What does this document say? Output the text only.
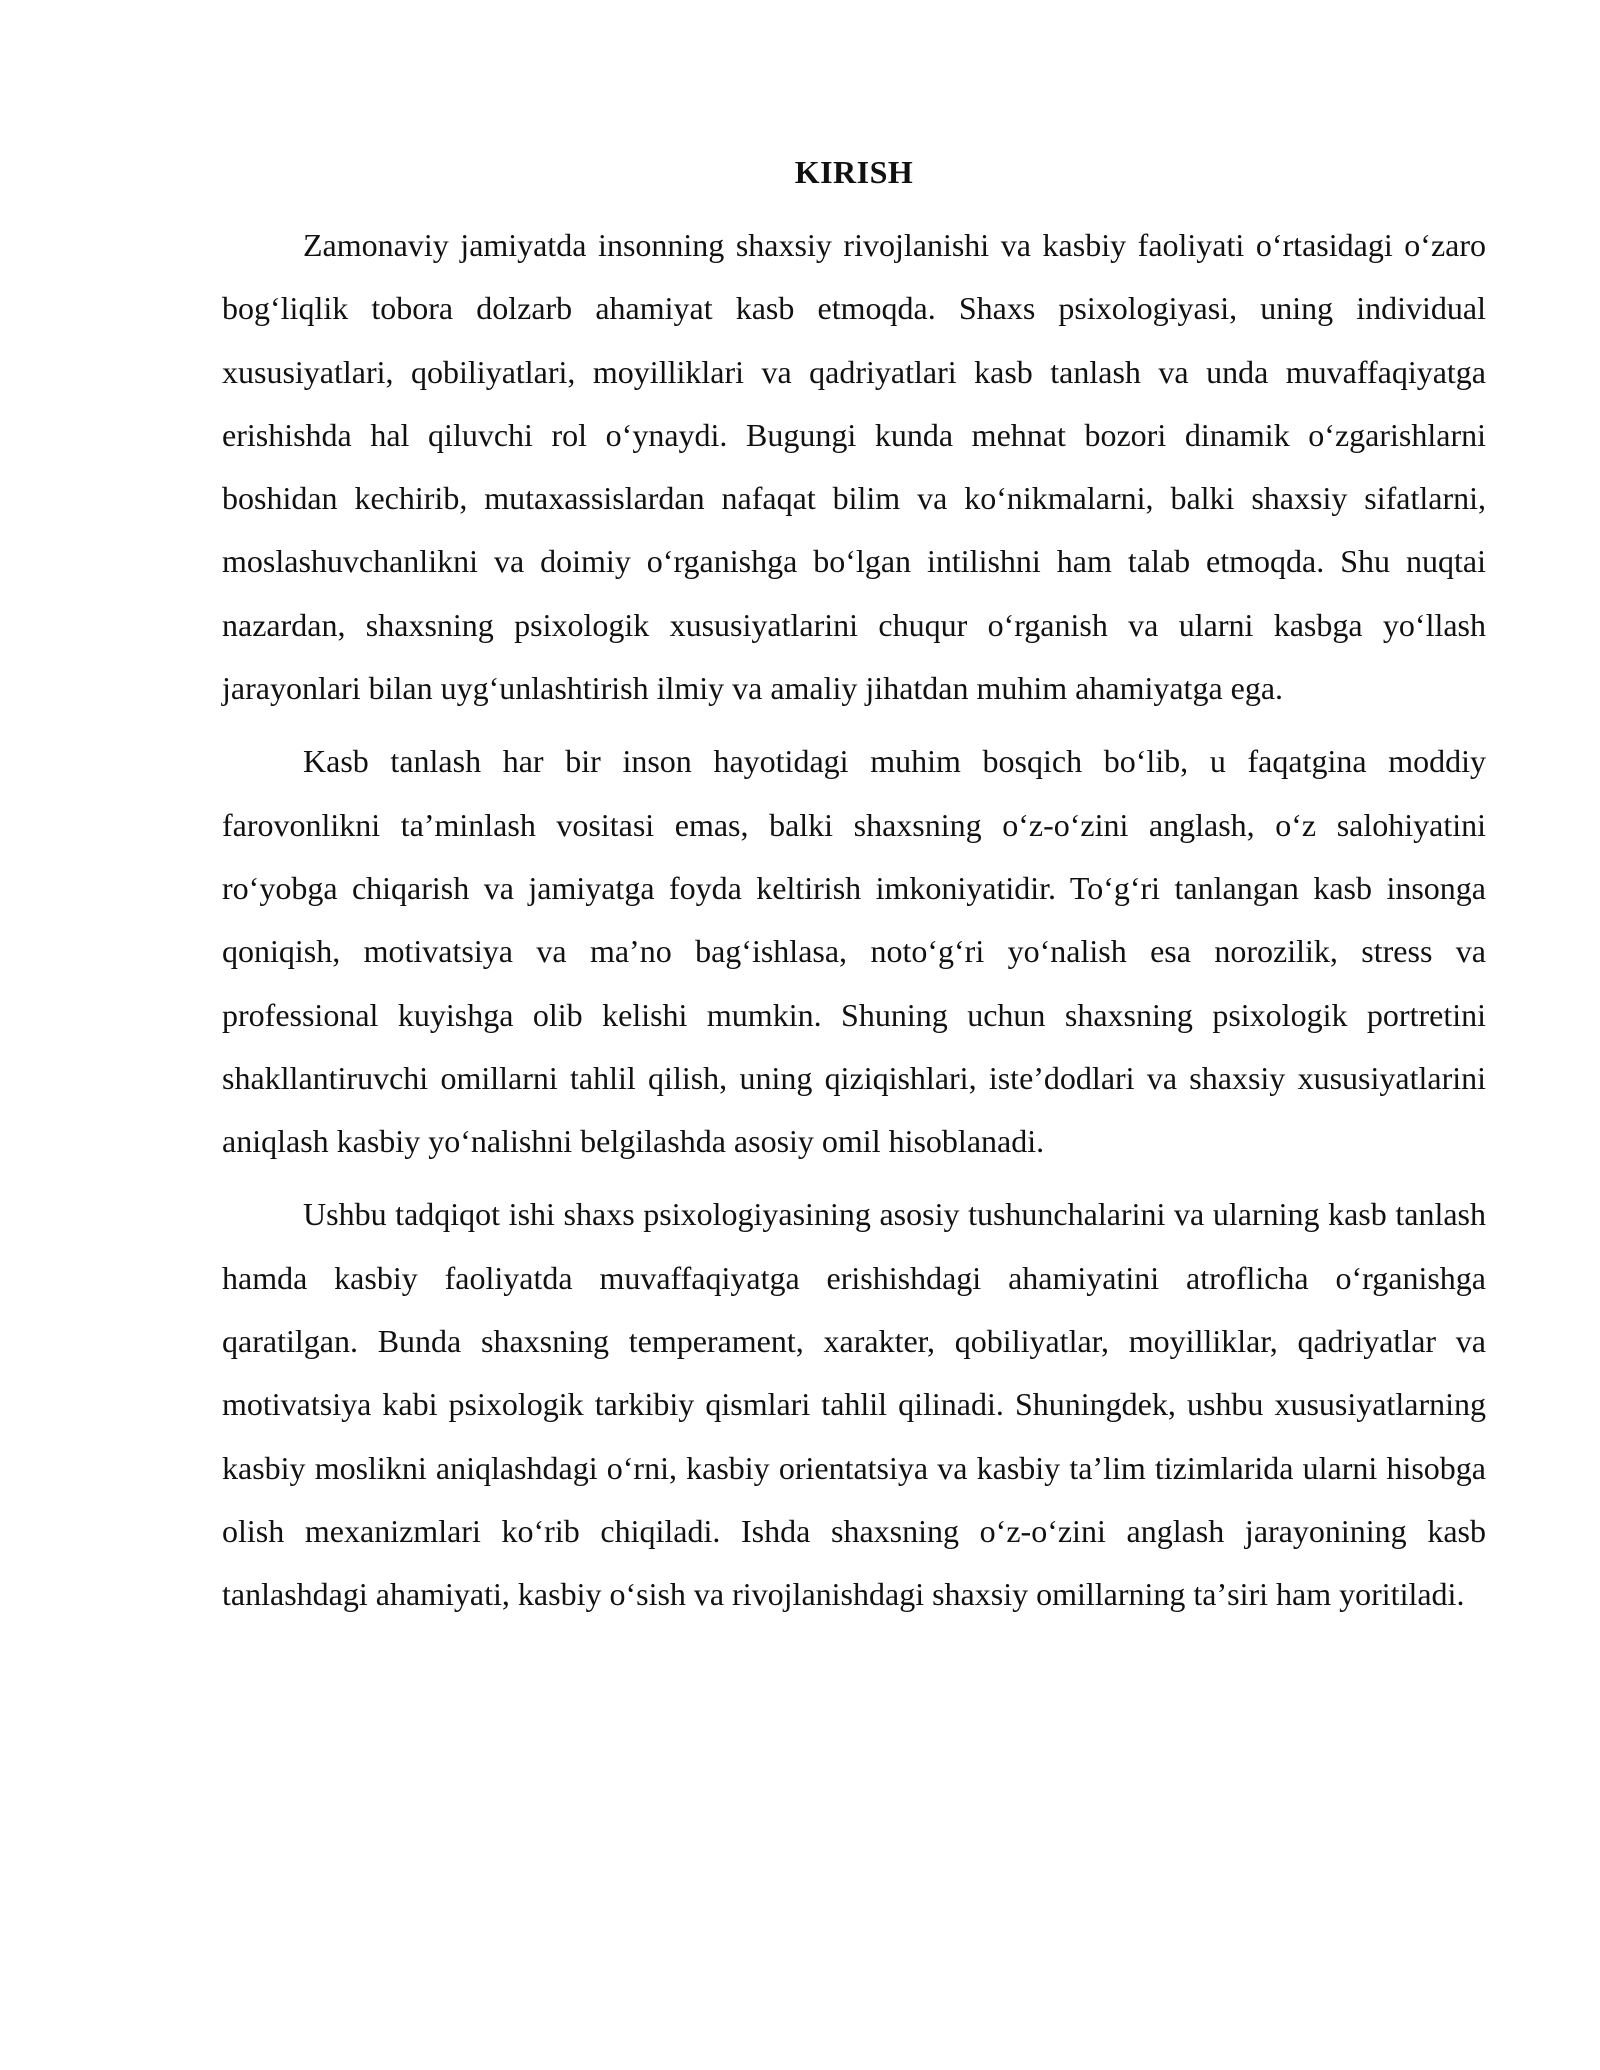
KIRISH

Zamonaviy jamiyatda insonning shaxsiy rivojlanishi va kasbiy faoliyati oʻrtasidagi oʻzaro bogʻliqlik tobora dolzarb ahamiyat kasb etmoqda. Shaxs psixologiyasi, uning individual xususiyatlari, qobiliyatlari, moyilliklari va qadriyatlari kasb tanlash va unda muvaffaqiyatga erishishda hal qiluvchi rol oʻynaydi. Bugungi kunda mehnat bozori dinamik oʻzgarishlarni boshidan kechirib, mutaxassislardan nafaqat bilim va koʻnikmalarni, balki shaxsiy sifatlarni, moslashuvchanlikni va doimiy oʻrganishga boʻlgan intilishni ham talab etmoqda. Shu nuqtai nazardan, shaxsning psixologik xususiyatlarini chuqur oʻrganish va ularni kasbga yoʻllash jarayonlari bilan uygʻunlashtirish ilmiy va amaliy jihatdan muhim ahamiyatga ega.

Kasb tanlash har bir inson hayotidagi muhim bosqich boʻlib, u faqatgina moddiy farovonlikni taʼminlash vositasi emas, balki shaxsning oʻz-oʻzini anglash, oʻz salohiyatini roʻyobga chiqarish va jamiyatga foyda keltirish imkoniyatidir. Toʻgʻri tanlangan kasb insonga qoniqish, motivatsiya va maʼno bagʻishlasa, notoʻgʻri yoʻnalish esa norozilik, stress va professional kuyishga olib kelishi mumkin. Shuning uchun shaxsning psixologik portretini shakllantiruvchi omillarni tahlil qilish, uning qiziqishlari, isteʼdodlari va shaxsiy xususiyatlarini aniqlash kasbiy yoʻnalishni belgilashda asosiy omil hisoblanadi.

Ushbu tadqiqot ishi shaxs psixologiyasining asosiy tushunchalarini va ularning kasb tanlash hamda kasbiy faoliyatda muvaffaqiyatga erishishdagi ahamiyatini atroflicha oʻrganishga qaratilgan. Bunda shaxsning temperament, xarakter, qobiliyatlar, moyilliklar, qadriyatlar va motivatsiya kabi psixologik tarkibiy qismlari tahlil qilinadi. Shuningdek, ushbu xususiyatlarning kasbiy moslikni aniqlashdagi oʻrni, kasbiy orientatsiya va kasbiy taʼlim tizimlarida ularni hisobga olish mexanizmlari koʻrib chiqiladi. Ishda shaxsning oʻz-oʻzini anglash jarayonining kasb tanlashdagi ahamiyati, kasbiy oʻsish va rivojlanishdagi shaxsiy omillarning taʼsiri ham yoritiladi.
